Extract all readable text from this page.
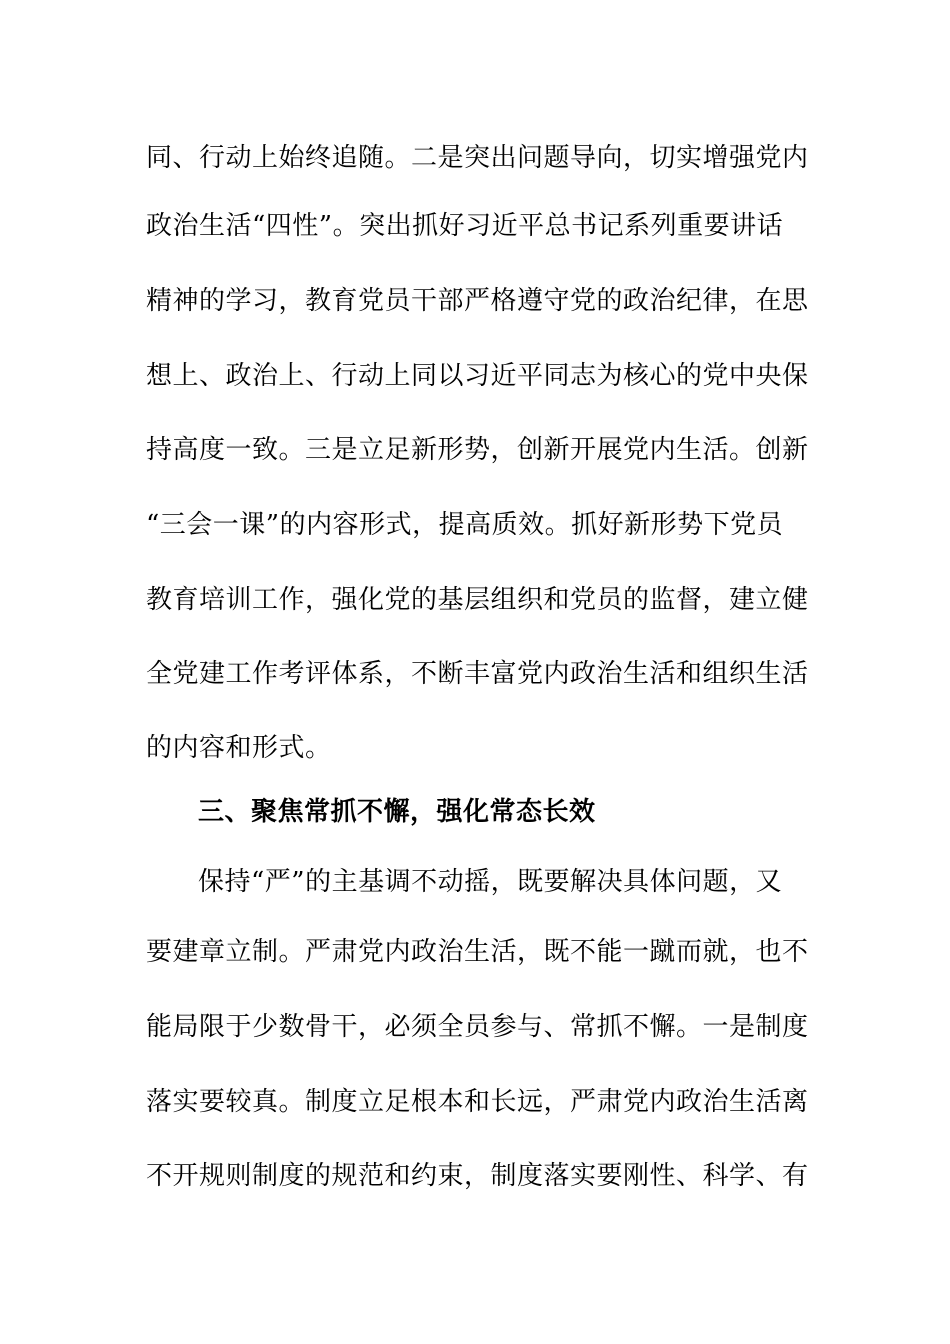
同、行动上始终追随。二是突出问题导向，切实增强党内
政治生活“四性”。突出抓好习近平总书记系列重要讲话
精神的学习，教育党员干部严格遵守党的政治纪律，在思
想上、政治上、行动上同以习近平同志为核心的党中央保
持高度一致。三是立足新形势，创新开展党内生活。创新
“三会一课”的内容形式，提高质效。抓好新形势下党员
教育培训工作，强化党的基层组织和党员的监督，建立健
全党建工作考评体系，不断丰富党内政治生活和组织生活
的内容和形式。
三、聚焦常抓不懈，强化常态长效
保持“严”的主基调不动摇，既要解决具体问题，又
要建章立制。严肃党内政治生活，既不能一蹴而就，也不
能局限于少数骨干，必须全员参与、常抓不懈。一是制度
落实要较真。制度立足根本和长远，严肃党内政治生活离
不开规则制度的规范和约束，制度落实要刚性、科学、有
